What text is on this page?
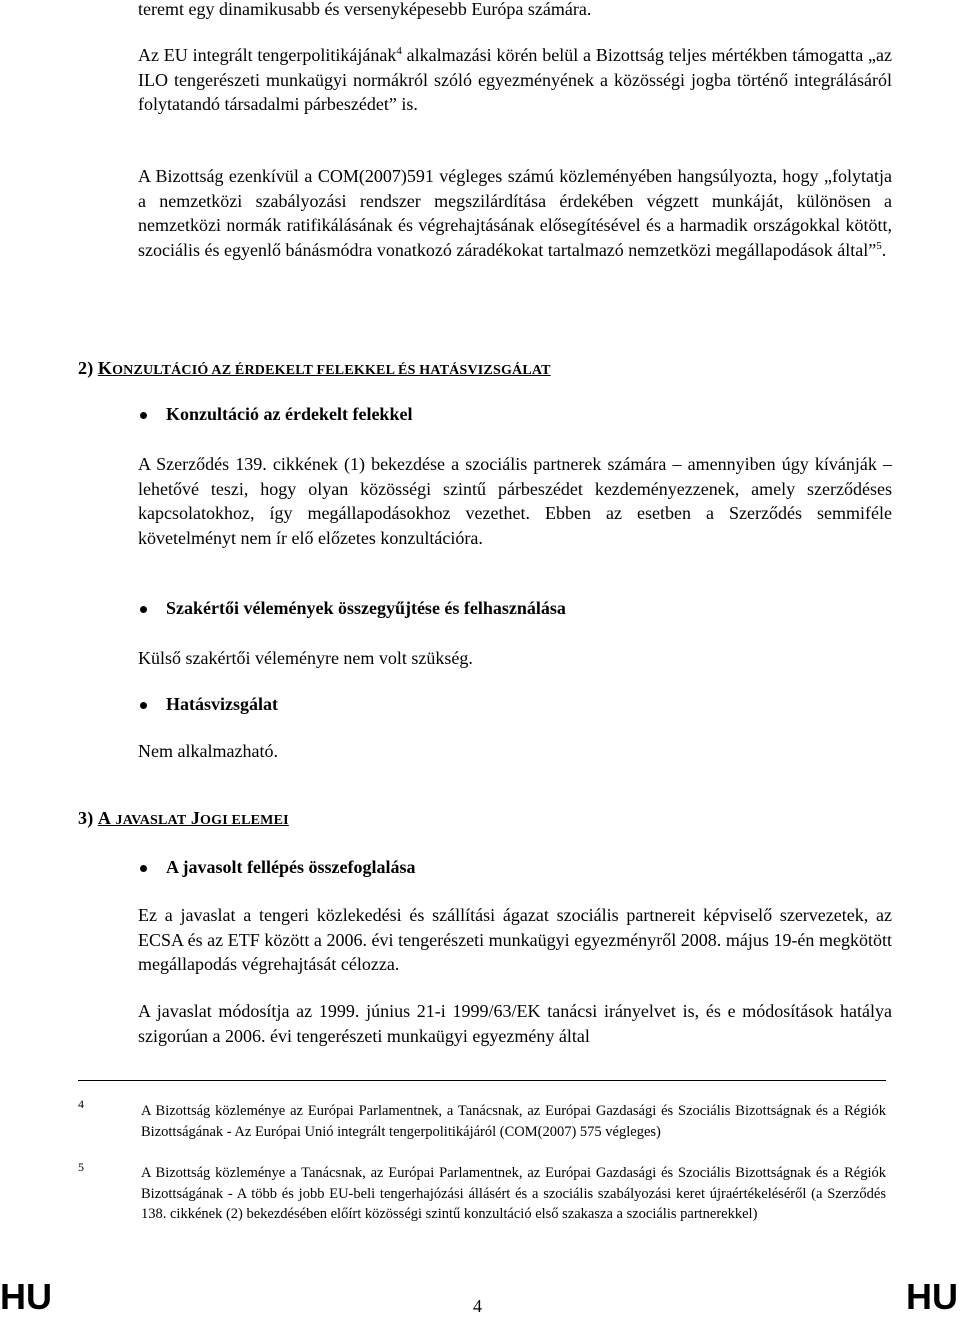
teremt egy dinamikusabb és versenyképesebb Európa számára.

Az EU integrált tengerpolitikájának$^4$ alkalmazási körén belül a Bizottság teljes mértékben támogatta „az ILO tengerészeti munkaügyi normákról szóló egyezményének a közösségi jogba történő integrálásáról folytatandó társadalmi párbeszédet” is.

A Bizottság ezenkívül a COM(2007)591 végleges számú közleményében hangsúlyozta, hogy „folytatja a nemzetközi szabályozási rendszer megszilárdítása érdekében végzett munkáját, különösen a nemzetközi normák ratifikálásának és végrehajtásának elősegítésével és a harmadik országokkal kötött, szociális és egyenlő bánásmódra vonatkozó záradékokat tartalmazó nemzetközi megállapodások által”$^5$.

2) KONZULTÁCIÓ AZ ÉRDEKELT FELEKKEL ÉS HATÁSVIZSGÁLAT
Konzultáció az érdekelt felekkel

A Szerződés 139. cikkének (1) bekezdése a szociális partnerek számára – amennyiben úgy kívánják – lehetővé teszi, hogy olyan közösségi szintű párbeszédet kezdeményezzenek, amely szerződéses kapcsolatokhoz, így megállapodásokhoz vezethet. Ebben az esetben a Szerződés semmiféle követelményt nem ír elő előzetes konzultációra.

Szakértői vélemények összegyűjtése és felhasználása

Külső szakértői véleményre nem volt szükség.

Hatásvizsgálat

Nem alkalmazható.

3) A JAVASLAT JOGI ELEMEI
A javasolt fellépés összefoglalása

Ez a javaslat a tengeri közlekedési és szállítási ágazat szociális partnereit képviselő szervezetek, az ECSA és az ETF között a 2006. évi tengerészeti munkaügyi egyezményről 2008. május 19-én megkötött megállapodás végrehajtását célozza.

A javaslat módosítja az 1999. június 21-i 1999/63/EK tanácsi irányelvet is, és e módosítások hatálya szigorúan a 2006. évi tengerészeti munkaügyi egyezmény által

4	A Bizottság közleménye az Európai Parlamentnek, a Tanácsnak, az Európai Gazdasági és Szociális Bizottságnak és a Régiók Bizottságának - Az Európai Unió integrált tengerpolitikájáról (COM(2007) 575 végleges)

5	A Bizottság közleménye a Tanácsnak, az Európai Parlamentnek, az Európai Gazdasági és Szociális Bizottságnak és a Régiók Bizottságának - A több és jobb EU-beli tengerhajózási állásért és a szociális szabályozási keret újraértékeléséről (a Szerződés 138. cikkének (2) bekezdésében előírt közösségi szintű konzultáció első szakasza a szociális partnerekkel)

HU	4	HU
